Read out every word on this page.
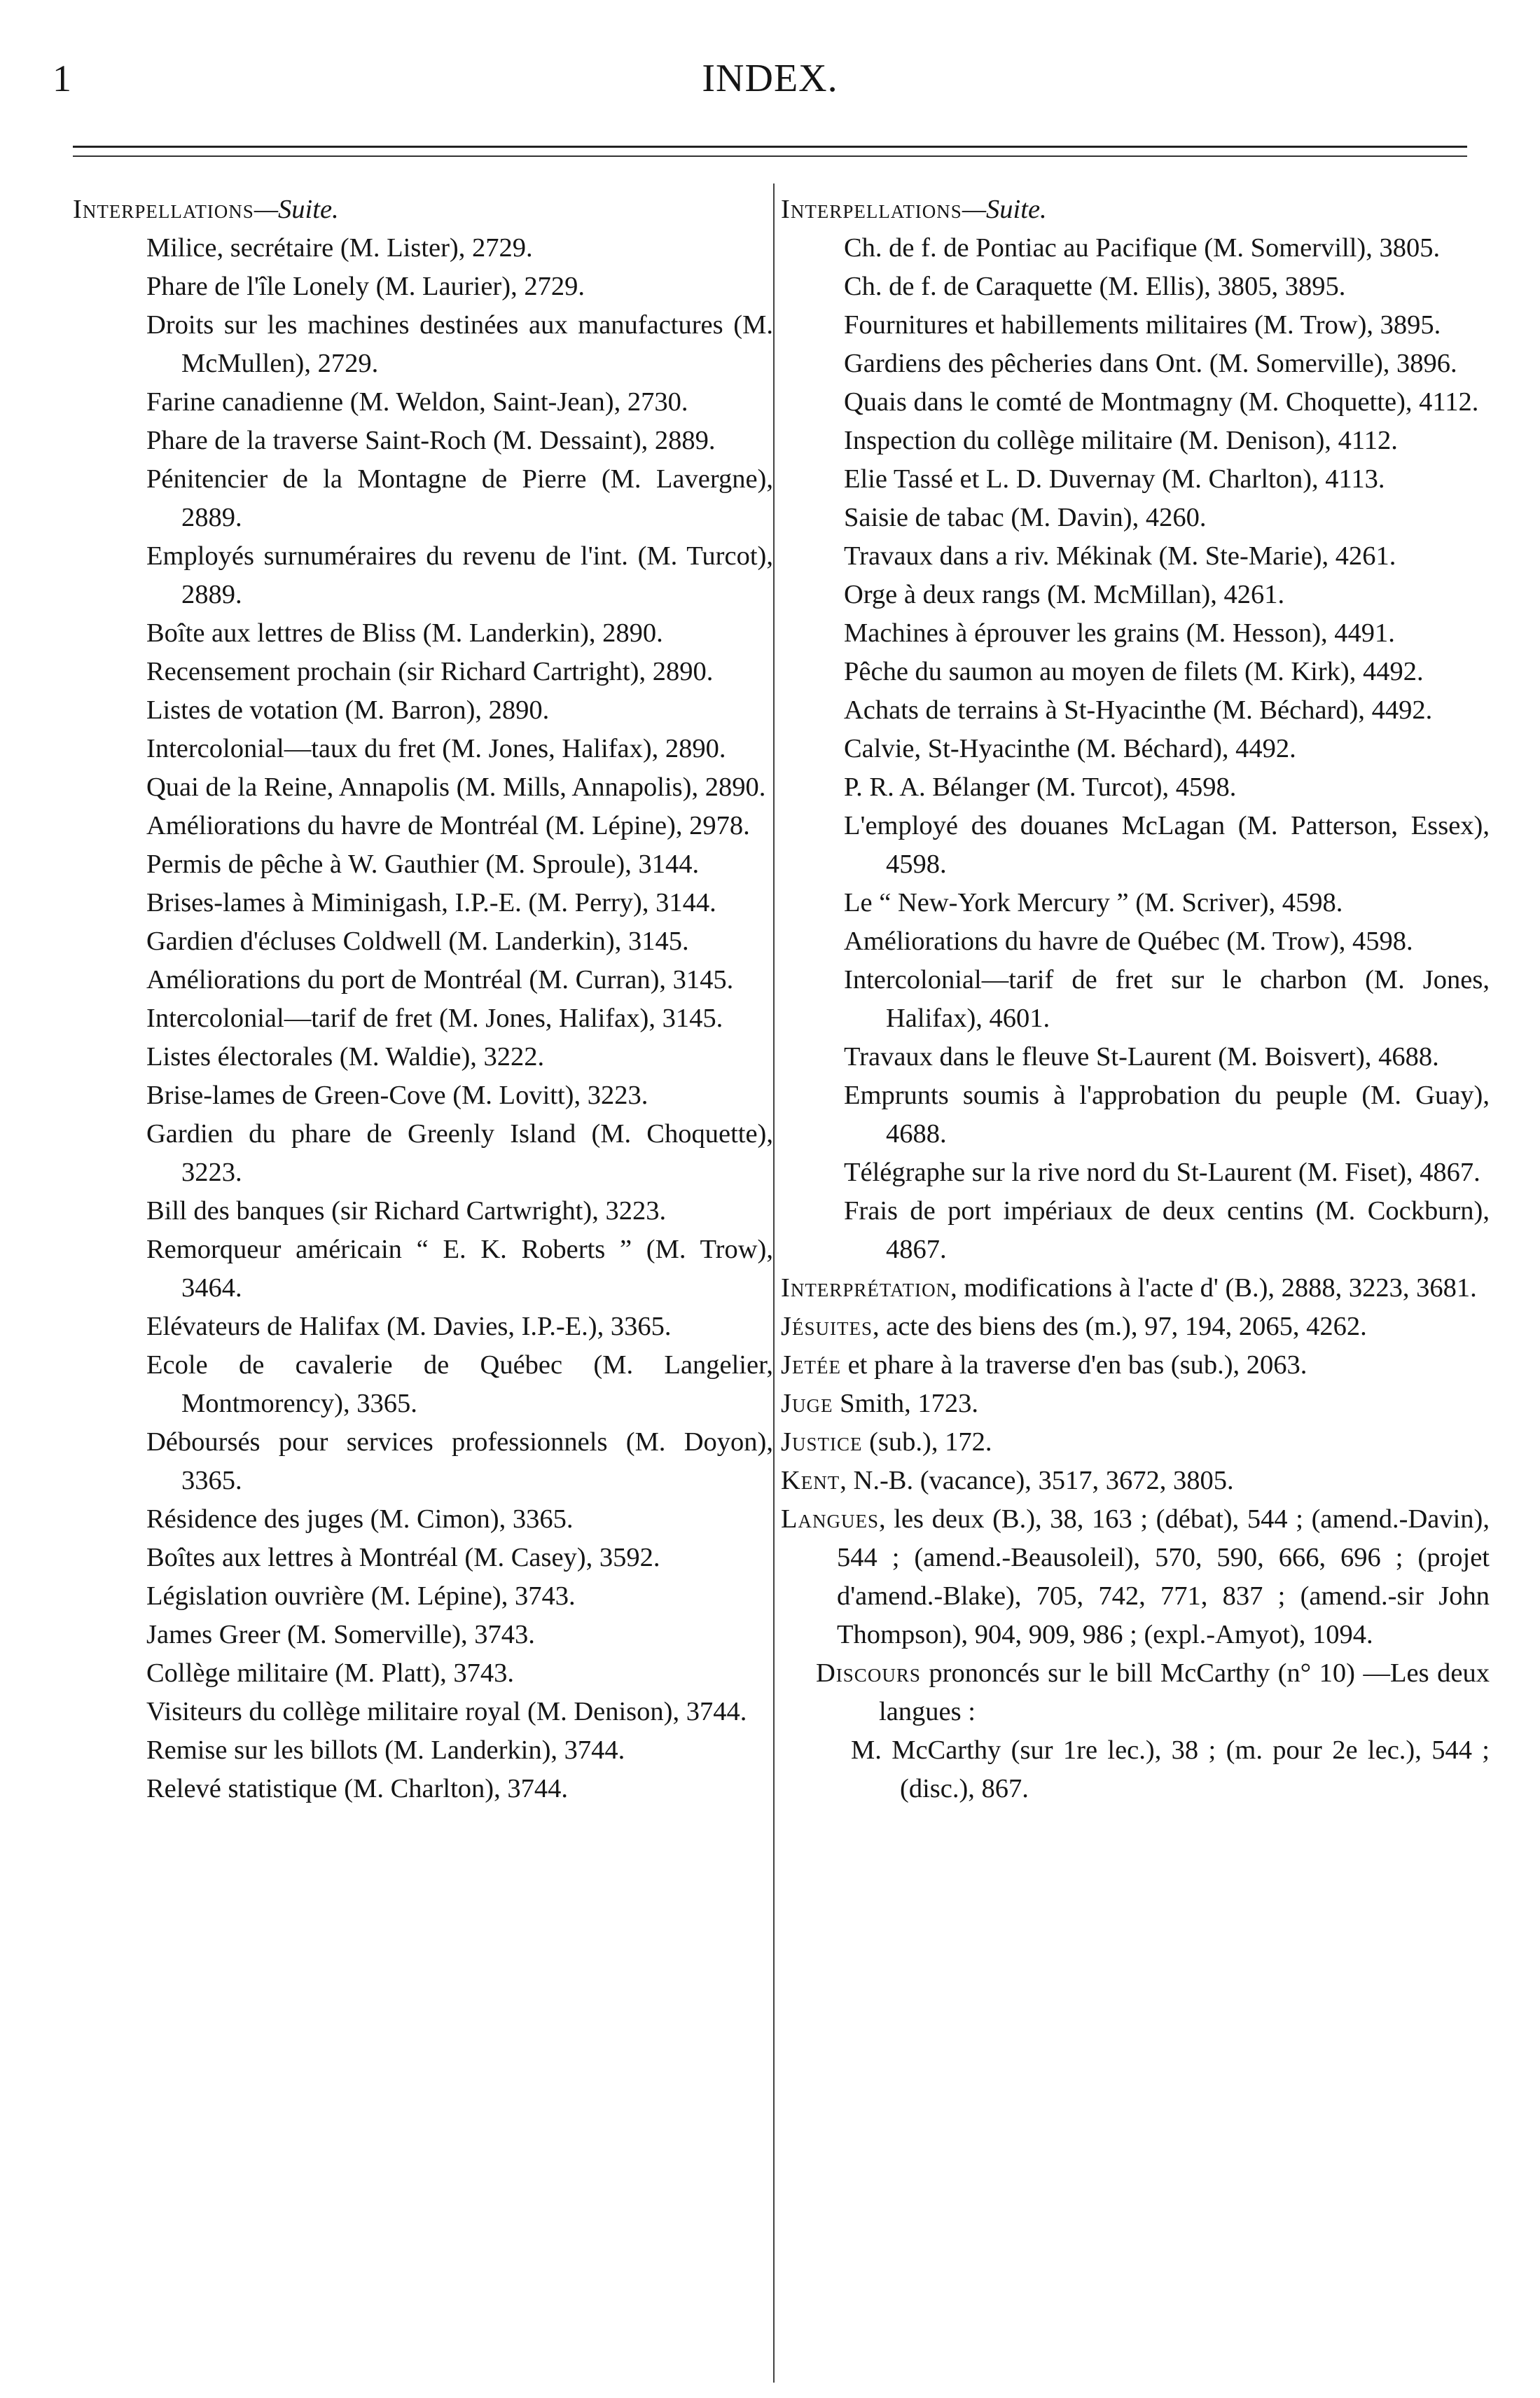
1	INDEX.
Interpellations—Suite.
Milice, secrétaire (M. Lister), 2729.
Phare de l'île Lonely (M. Laurier), 2729.
Droits sur les machines destinées aux manufactures (M. McMullen), 2729.
Farine canadienne (M. Weldon, Saint-Jean), 2730.
Phare de la traverse Saint-Roch (M. Dessaint), 2889.
Pénitencier de la Montagne de Pierre (M. Lavergne), 2889.
Employés surnuméraires du revenu de l'int. (M. Turcot), 2889.
Boîte aux lettres de Bliss (M. Landerkin), 2890.
Recensement prochain (sir Richard Cartright), 2890.
Listes de votation (M. Barron), 2890.
Intercolonial—taux du fret (M. Jones, Halifax), 2890.
Quai de la Reine, Annapolis (M. Mills, Annapolis), 2890.
Améliorations du havre de Montréal (M. Lépine), 2978.
Permis de pêche à W. Gauthier (M. Sproule), 3144.
Brises-lames à Miminigash, I.P.-E. (M. Perry), 3144.
Gardien d'écluses Coldwell (M. Landerkin), 3145.
Améliorations du port de Montréal (M. Curran), 3145.
Intercolonial—tarif de fret (M. Jones, Halifax), 3145.
Listes électorales (M. Waldie), 3222.
Brise-lames de Green-Cove (M. Lovitt), 3223.
Gardien du phare de Greenly Island (M. Choquette), 3223.
Bill des banques (sir Richard Cartwright), 3223.
Remorqueur américain “ E. K. Roberts ” (M. Trow), 3464.
Elévateurs de Halifax (M. Davies, I.P.-E.), 3365.
Ecole de cavalerie de Québec (M. Langelier, Montmorency), 3365.
Déboursés pour services professionnels (M. Doyon), 3365.
Résidence des juges (M. Cimon), 3365.
Boîtes aux lettres à Montréal (M. Casey), 3592.
Législation ouvrière (M. Lépine), 3743.
James Greer (M. Somerville), 3743.
Collège militaire (M. Platt), 3743.
Visiteurs du collège militaire royal (M. Denison), 3744.
Remise sur les billots (M. Landerkin), 3744.
Relevé statistique (M. Charlton), 3744.
Interpellations—Suite.
Ch. de f. de Pontiac au Pacifique (M. Somervill), 3805.
Ch. de f. de Caraquette (M. Ellis), 3805, 3895.
Fournitures et habillements militaires (M. Trow), 3895.
Gardiens des pêcheries dans Ont. (M. Somerville), 3896.
Quais dans le comté de Montmagny (M. Choquette), 4112.
Inspection du collège militaire (M. Denison), 4112.
Elie Tassé et L. D. Duvernay (M. Charlton), 4113.
Saisie de tabac (M. Davin), 4260.
Travaux dans a riv. Mékinak (M. Ste-Marie), 4261.
Orge à deux rangs (M. McMillan), 4261.
Machines à éprouver les grains (M. Hesson), 4491.
Pêche du saumon au moyen de filets (M. Kirk), 4492.
Achats de terrains à St-Hyacinthe (M. Béchard), 4492.
Calvie, St-Hyacinthe (M. Béchard), 4492.
P. R. A. Bélanger (M. Turcot), 4598.
L'employé des douanes McLagan (M. Patterson, Essex), 4598.
Le “ New-York Mercury ” (M. Scriver), 4598.
Améliorations du havre de Québec (M. Trow), 4598.
Intercolonial—tarif de fret sur le charbon (M. Jones, Halifax), 4601.
Travaux dans le fleuve St-Laurent (M. Boisvert), 4688.
Emprunts soumis à l'approbation du peuple (M. Guay), 4688.
Télégraphe sur la rive nord du St-Laurent (M. Fiset), 4867.
Frais de port impériaux de deux centins (M. Cockburn), 4867.
Interprétation, modifications à l'acte d' (B.), 2888, 3223, 3681.
Jésuites, acte des biens des (m.), 97, 194, 2065, 4262.
Jetée et phare à la traverse d'en bas (sub.), 2063.
Juge Smith, 1723.
Justice (sub.), 172.
Kent, N.-B. (vacance), 3517, 3672, 3805.
Langues, les deux (B.), 38, 163 ; (débat), 544 ; (amend.-Davin), 544 ; (amend.-Beausoleil), 570, 590, 666, 696 ; (projet d'amend.-Blake), 705, 742, 771, 837 ; (amend.-sir John Thompson), 904, 909, 986 ; (expl.-Amyot), 1094.
Discours prononcés sur le bill McCarthy (n° 10) —Les deux langues :
M. McCarthy (sur 1re lec.), 38 ; (m. pour 2e lec.), 544 ; (disc.), 867.
